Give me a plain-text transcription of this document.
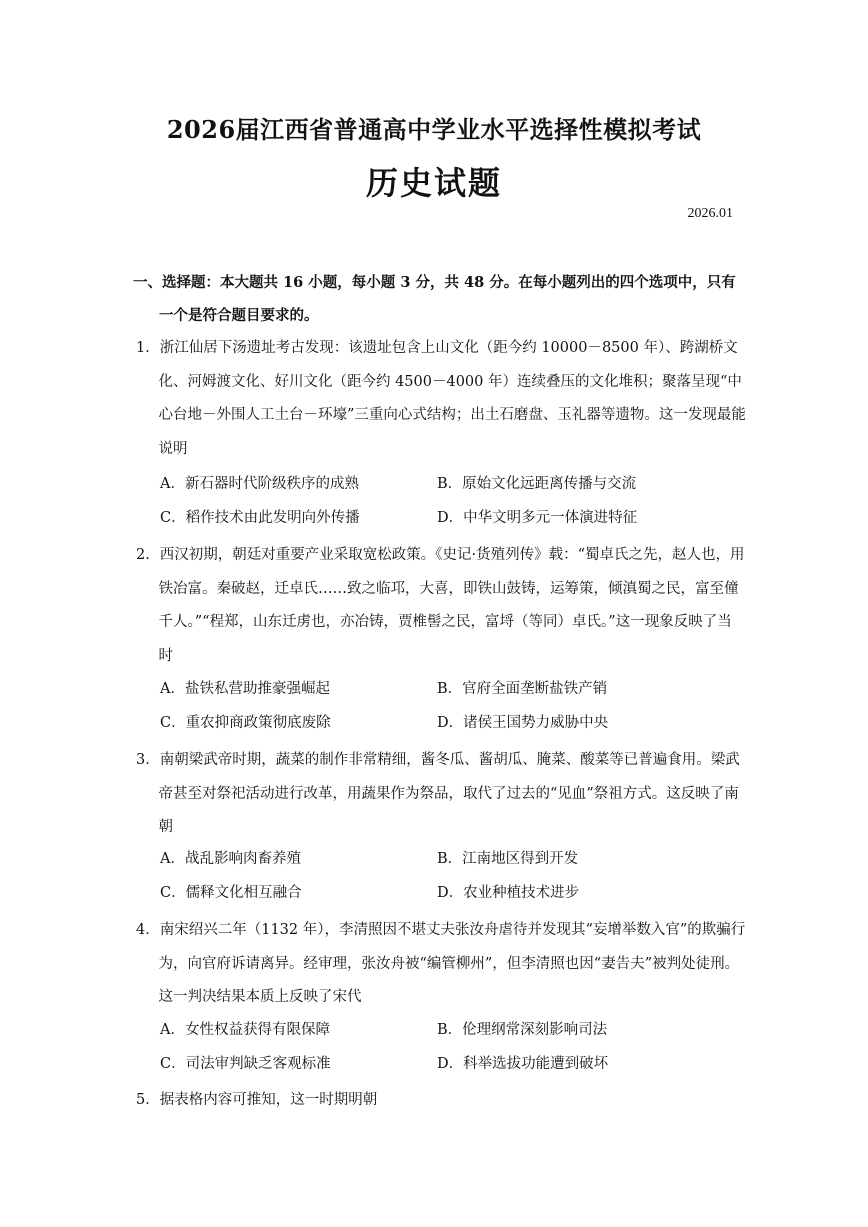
2026届江西省普通高中学业水平选择性模拟考试
历史试题
2026.01
一、选择题：本大题共 16 小题，每小题 3 分，共 48 分。在每小题列出的四个选项中，只有一个是符合题目要求的。
1．浙江仙居下汤遗址考古发现：该遗址包含上山文化（距今约 10000－8500 年）、跨湖桥文化、河姆渡文化、好川文化（距今约 4500－4000 年）连续叠压的文化堆积；聚落呈现“中心台地－外围人工土台－环壕”三重向心式结构；出土石磨盘、玉礼器等遗物。这一发现最能说明
A．新石器时代阶级秩序的成熟	B．原始文化远距离传播与交流
C．稻作技术由此发明向外传播	D．中华文明多元一体演进特征
2．西汉初期，朝廷对重要产业采取宽松政策。《史记·货殖列传》载：“蜀卓氏之先，赵人也，用铁冶富。秦破赵，迁卓氏……致之临邛，大喜，即铁山鼓铸，运筹策，倾滇蜀之民，富至僮千人。”“程郑，山东迁虏也，亦冶铸，贾椎髻之民，富埒（等同）卓氏。”这一现象反映了当时
A．盐铁私营助推豪强崛起	B．官府全面垄断盐铁产销
C．重农抑商政策彻底废除	D．诸侯王国势力威胁中央
3．南朝梁武帝时期，蔬菜的制作非常精细，酱冬瓜、酱胡瓜、腌菜、酸菜等已普遍食用。梁武帝甚至对祭祀活动进行改革，用蔬果作为祭品，取代了过去的“见血”祭祖方式。这反映了南朝
A．战乱影响肉畜养殖	B．江南地区得到开发
C．儒释文化相互融合	D．农业种植技术进步
4．南宋绍兴二年（1132 年），李清照因不堪丈夫张汝舟虐待并发现其“妄增举数入官”的欺骗行为，向官府诉请离异。经审理，张汝舟被“编管柳州”，但李清照也因“妻告夫”被判处徒刑。这一判决结果本质上反映了宋代
A．女性权益获得有限保障	B．伦理纲常深刻影响司法
C．司法审判缺乏客观标准	D．科举选拔功能遭到破坏
5．据表格内容可推知，这一时期明朝
